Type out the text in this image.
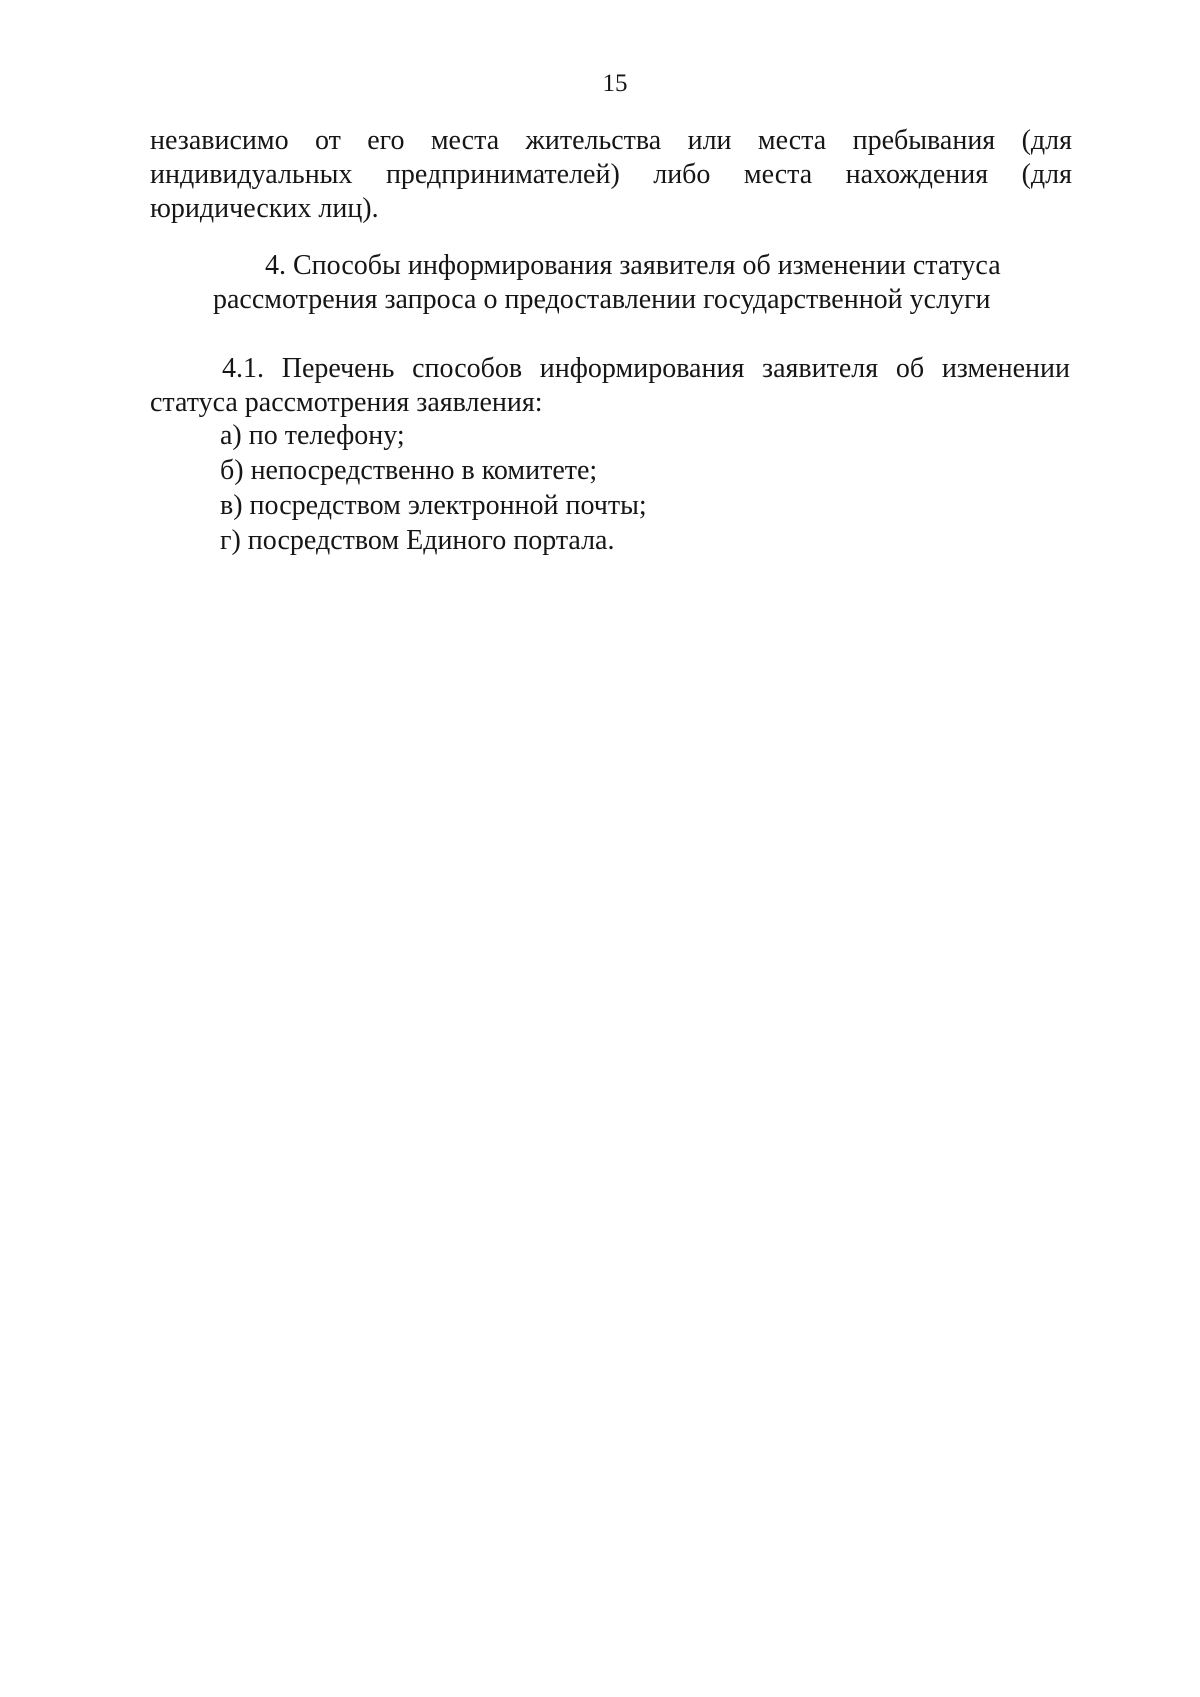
15
независимо от его места жительства или места пребывания (для
индивидуальных предпринимателей) либо места нахождения (для
юридических лиц).
4. Способы информирования заявителя об изменении статуса
рассмотрения запроса о предоставлении государственной услуги
4.1. Перечень способов информирования заявителя об изменении
статуса рассмотрения заявления:
а) по телефону;
б) непосредственно в комитете;
в) посредством электронной почты;
г) посредством Единого портала.
